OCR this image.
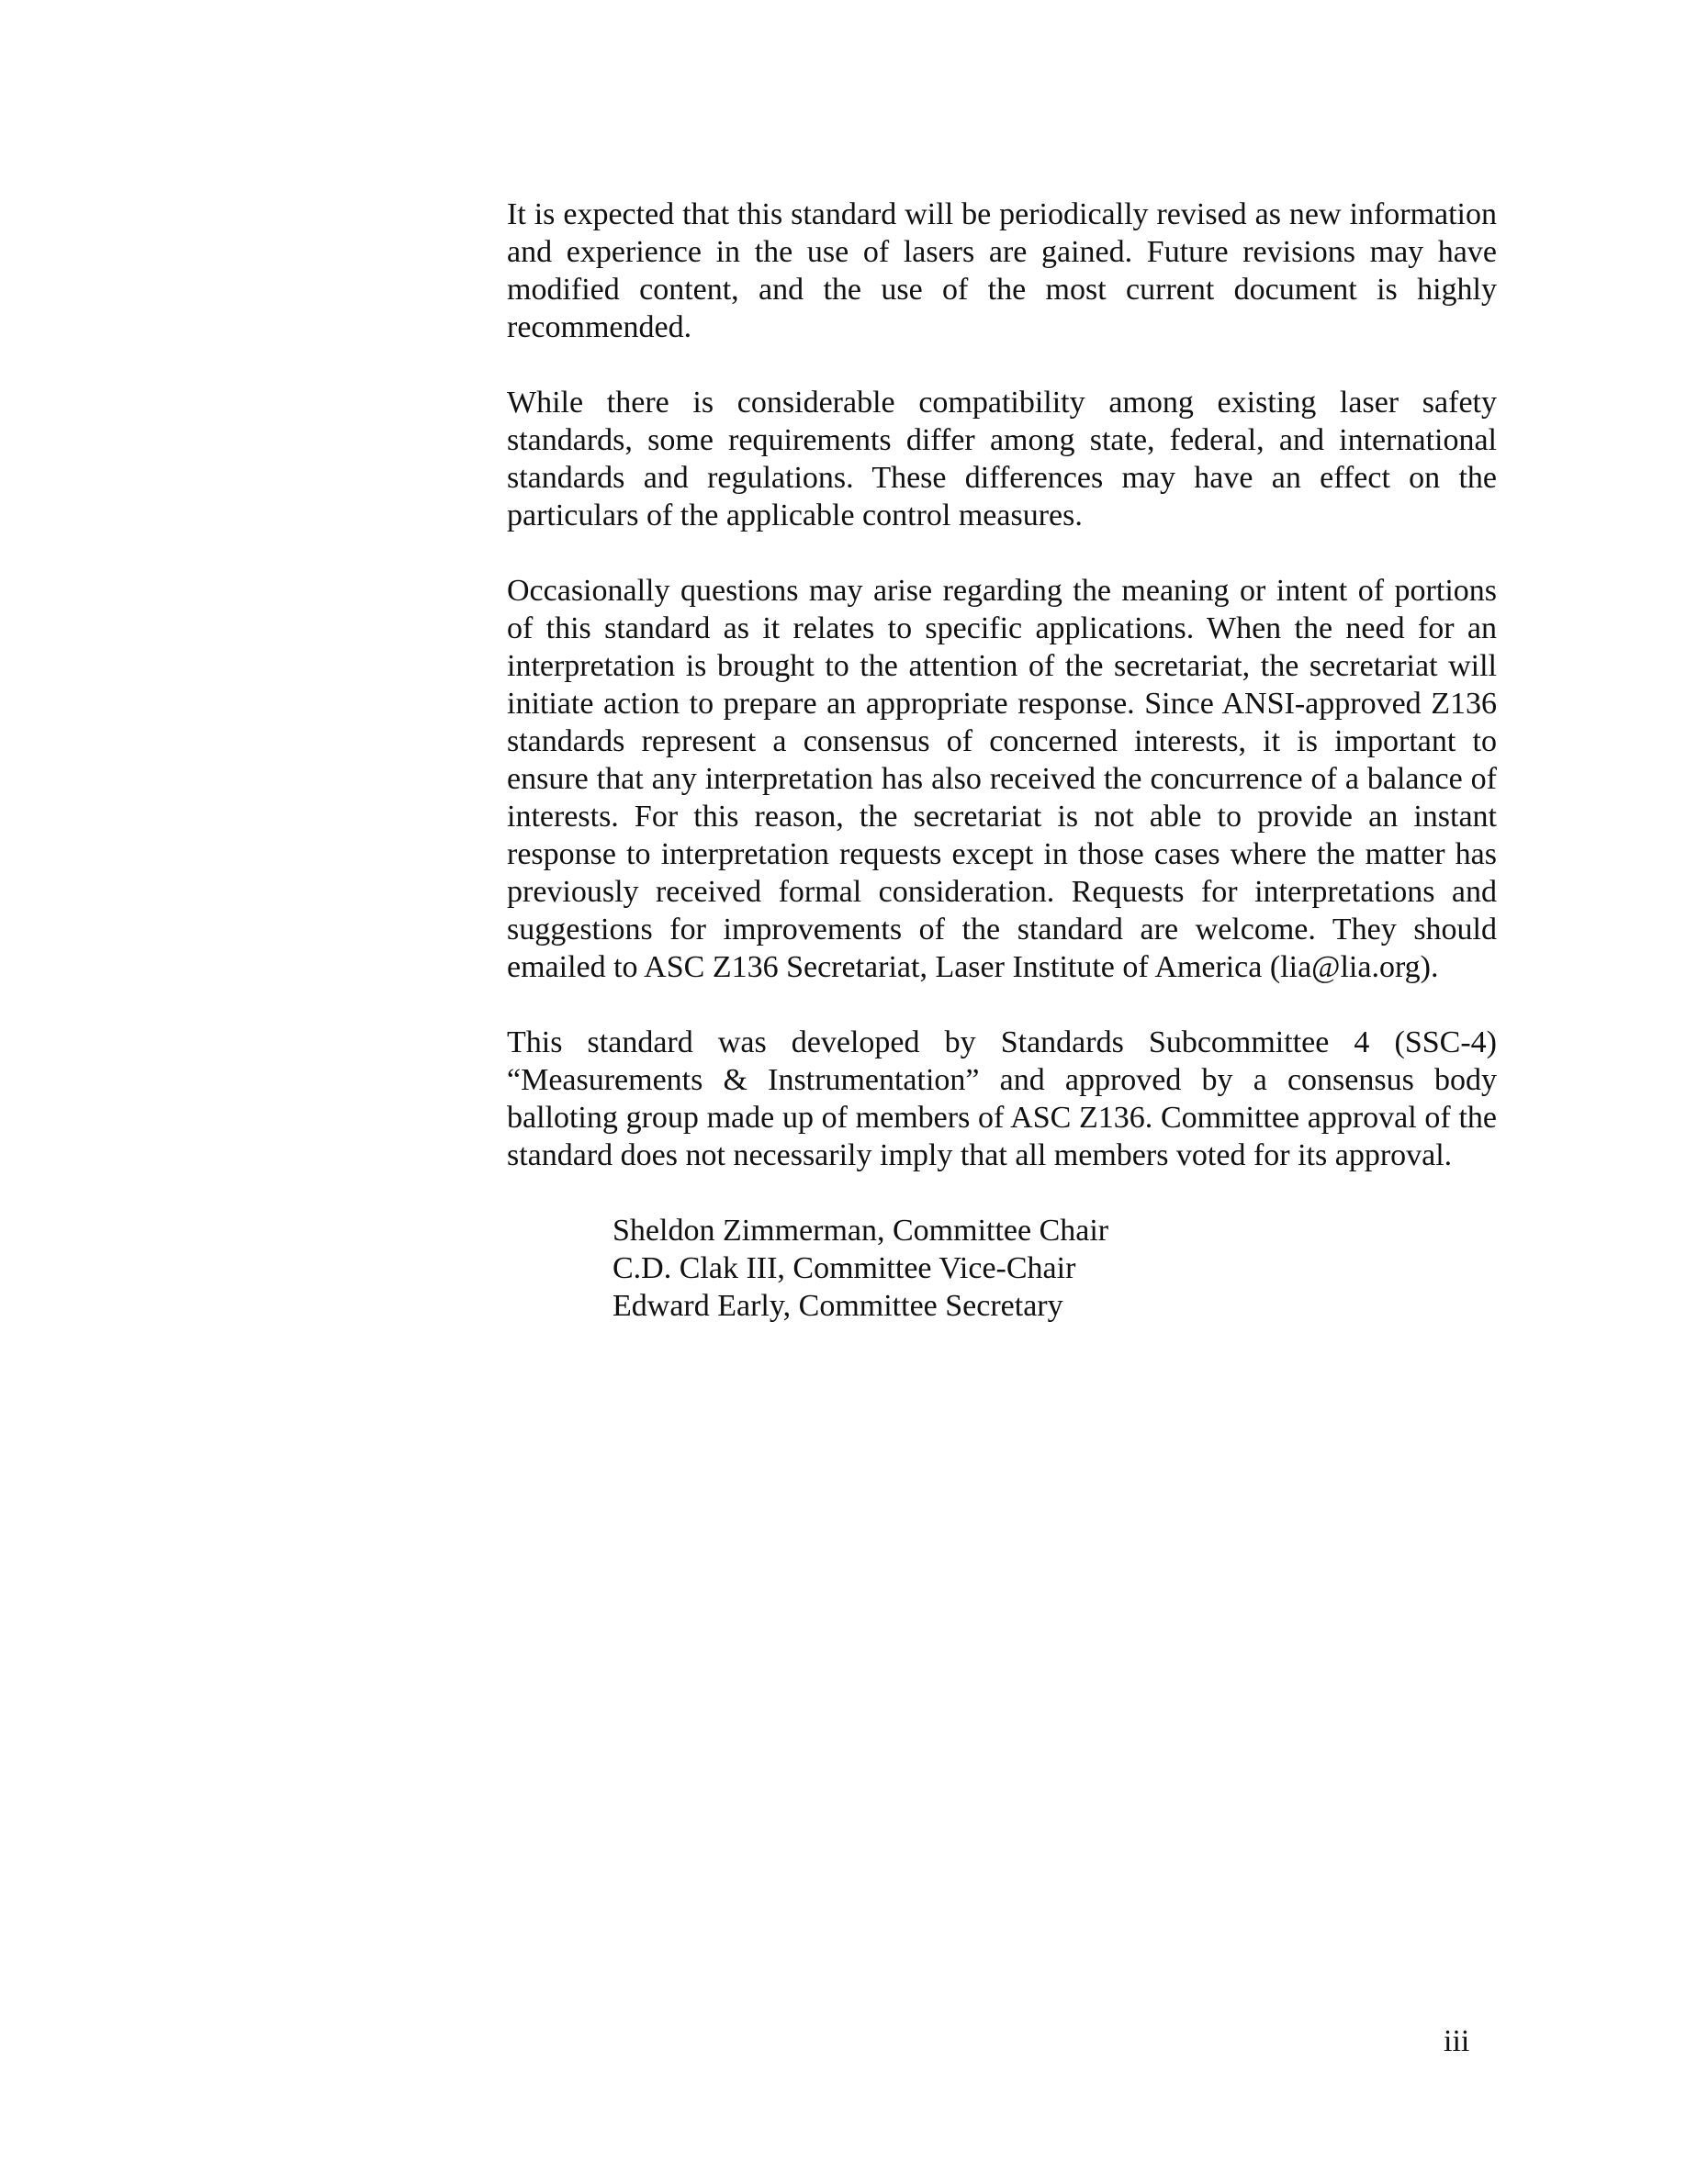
It is expected that this standard will be periodically revised as new information and experience in the use of lasers are gained. Future revisions may have modified content, and the use of the most current document is highly recommended.

While there is considerable compatibility among existing laser safety standards, some requirements differ among state, federal, and international standards and regulations. These differences may have an effect on the particulars of the applicable control measures.

Occasionally questions may arise regarding the meaning or intent of portions of this standard as it relates to specific applications. When the need for an interpretation is brought to the attention of the secretariat, the secretariat will initiate action to prepare an appropriate response. Since ANSI-approved Z136 standards represent a consensus of concerned interests, it is important to ensure that any interpretation has also received the concurrence of a balance of interests. For this reason, the secretariat is not able to provide an instant response to interpretation requests except in those cases where the matter has previously received formal consideration. Requests for interpretations and suggestions for improvements of the standard are welcome. They should emailed to ASC Z136 Secretariat, Laser Institute of America (lia@lia.org).

This standard was developed by Standards Subcommittee 4 (SSC-4) “Measurements & Instrumentation” and approved by a consensus body balloting group made up of members of ASC Z136. Committee approval of the standard does not necessarily imply that all members voted for its approval.

Sheldon Zimmerman, Committee Chair
C.D. Clak III, Committee Vice-Chair
Edward Early, Committee Secretary
iii
